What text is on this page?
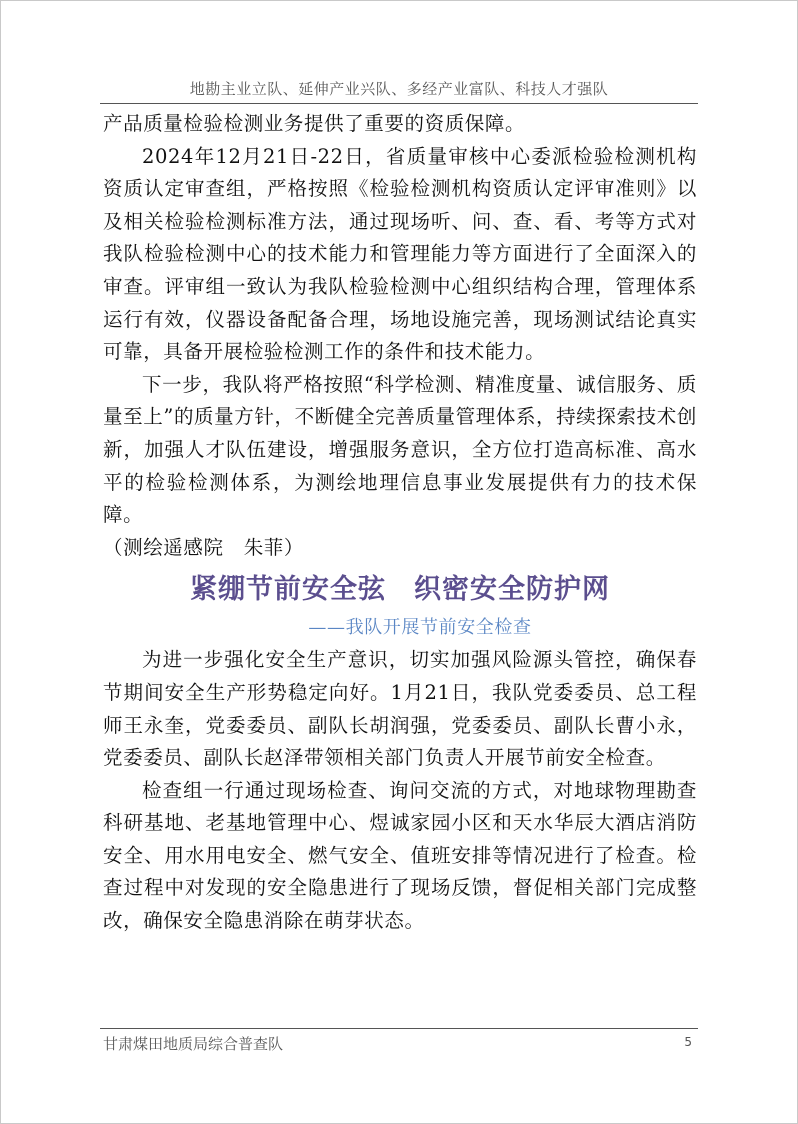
地勘主业立队、延伸产业兴队、多经产业富队、科技人才强队

产品质量检验检测业务提供了重要的资质保障。

2024年12月21日-22日，省质量审核中心委派检验检测机构资质认定审查组，严格按照《检验检测机构资质认定评审准则》以及相关检验检测标准方法，通过现场听、问、查、看、考等方式对我队检验检测中心的技术能力和管理能力等方面进行了全面深入的审查。评审组一致认为我队检验检测中心组织结构合理，管理体系运行有效，仪器设备配备合理，场地设施完善，现场测试结论真实可靠，具备开展检验检测工作的条件和技术能力。

下一步，我队将严格按照“科学检测、精准度量、诚信服务、质量至上”的质量方针，不断健全完善质量管理体系，持续探索技术创新，加强人才队伍建设，增强服务意识，全方位打造高标准、高水平的检验检测体系，为测绘地理信息事业发展提供有力的技术保障。

（测绘遥感院　朱菲）

紧绷节前安全弦　织密安全防护网
——我队开展节前安全检查

为进一步强化安全生产意识，切实加强风险源头管控，确保春节期间安全生产形势稳定向好。1月21日，我队党委委员、总工程师王永奎，党委委员、副队长胡润强，党委委员、副队长曹小永，党委委员、副队长赵泽带领相关部门负责人开展节前安全检查。

检查组一行通过现场检查、询问交流的方式，对地球物理勘查科研基地、老基地管理中心、煜诚家园小区和天水华辰大酒店消防安全、用水用电安全、燃气安全、值班安排等情况进行了检查。检查过程中对发现的安全隐患进行了现场反馈，督促相关部门完成整改，确保安全隐患消除在萌芽状态。

甘肃煤田地质局综合普查队	5
